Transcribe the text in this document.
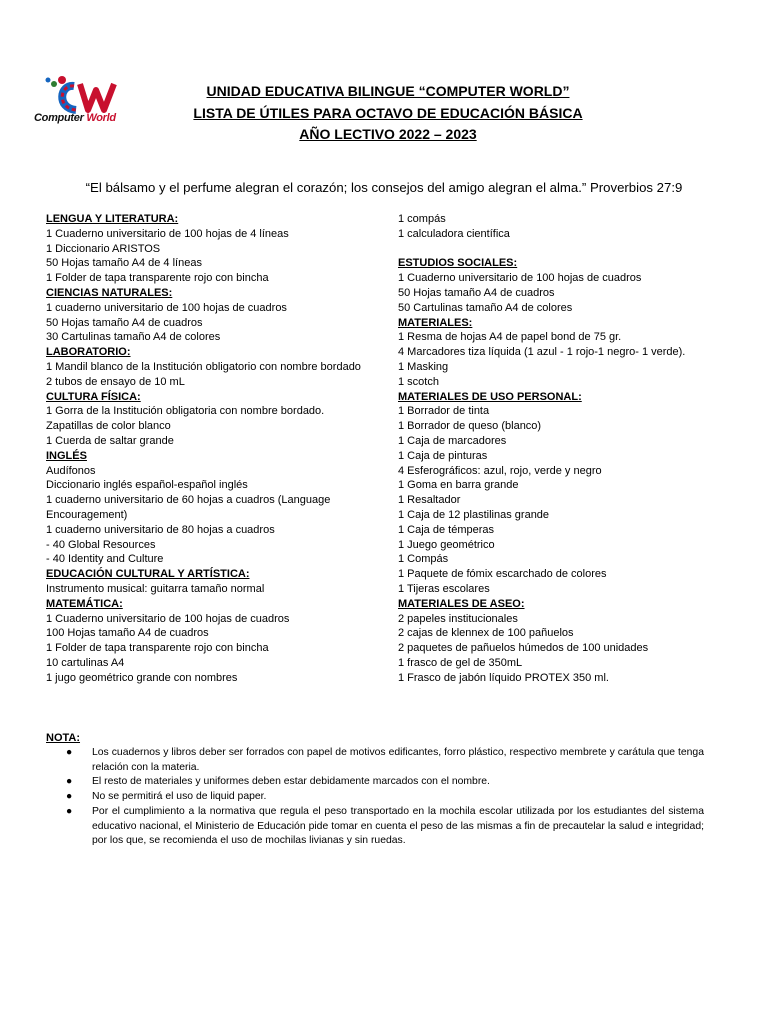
Computer World
UNIDAD EDUCATIVA BILINGUE “COMPUTER WORLD”
LISTA DE ÚTILES PARA OCTAVO DE EDUCACIÓN BÁSICA
AÑO LECTIVO 2022 – 2023
“El bálsamo y el perfume alegran el corazón; los consejos del amigo alegran el alma.” Proverbios 27:9
LENGUA Y LITERATURA:
1 Cuaderno universitario de 100 hojas de 4 líneas
1 Diccionario ARISTOS
50 Hojas tamaño A4 de 4 líneas
1 Folder de tapa transparente rojo con bincha
CIENCIAS NATURALES:
1 cuaderno universitario de 100 hojas de cuadros
50 Hojas tamaño A4 de cuadros
30 Cartulinas tamaño A4 de colores
LABORATORIO:
1 Mandil blanco de la Institución obligatorio con nombre bordado
2 tubos de ensayo de 10 mL
CULTURA FÍSICA:
1 Gorra de la Institución obligatoria con nombre bordado.
Zapatillas de color blanco
1 Cuerda de saltar grande
INGLÉS
Audífonos
Diccionario inglés español-español inglés
1 cuaderno universitario de 60 hojas a cuadros (Language Encouragement)
1 cuaderno universitario de 80 hojas a cuadros
- 40 Global Resources
- 40 Identity and Culture
EDUCACIÓN CULTURAL Y ARTÍSTICA:
Instrumento musical: guitarra tamaño normal
MATEMÁTICA:
1 Cuaderno universitario de 100 hojas de cuadros
100 Hojas tamaño A4 de cuadros
1 Folder de tapa transparente rojo con bincha
10 cartulinas A4
1 jugo geométrico grande con nombres
1 compás
1 calculadora científica
ESTUDIOS SOCIALES:
1 Cuaderno universitario de 100 hojas de cuadros
50 Hojas tamaño A4 de cuadros
50 Cartulinas tamaño A4 de colores
MATERIALES:
1 Resma de hojas A4 de papel bond de 75 gr.
4 Marcadores tiza líquida (1 azul - 1 rojo-1 negro- 1 verde).
1 Masking
1 scotch
MATERIALES DE USO PERSONAL:
1 Borrador de tinta
1 Borrador de queso (blanco)
1 Caja de marcadores
1 Caja de pinturas
4 Esferográficos: azul, rojo, verde y negro
1 Goma en barra grande
1 Resaltador
1 Caja de 12 plastilinas grande
1 Caja de témperas
1 Juego geométrico
1 Compás
1 Paquete de fómix escarchado de colores
1 Tijeras escolares
MATERIALES DE ASEO:
2 papeles institucionales
2 cajas de klennex de 100 pañuelos
2 paquetes de pañuelos húmedos de 100 unidades
1 frasco de gel de 350mL
1 Frasco de jabón líquido PROTEX 350 ml.
NOTA:
● Los cuadernos y libros deber ser forrados con papel de motivos edificantes, forro plástico, respectivo membrete y carátula que tenga relación con la materia.
● El resto de materiales y uniformes deben estar debidamente marcados con el nombre.
● No se permitirá el uso de liquid paper.
● Por el cumplimiento a la normativa que regula el peso transportado en la mochila escolar utilizada por los estudiantes del sistema educativo nacional, el Ministerio de Educación pide tomar en cuenta el peso de las mismas a fin de precautelar la salud e integridad; por los que, se recomienda el uso de mochilas livianas y sin ruedas.
